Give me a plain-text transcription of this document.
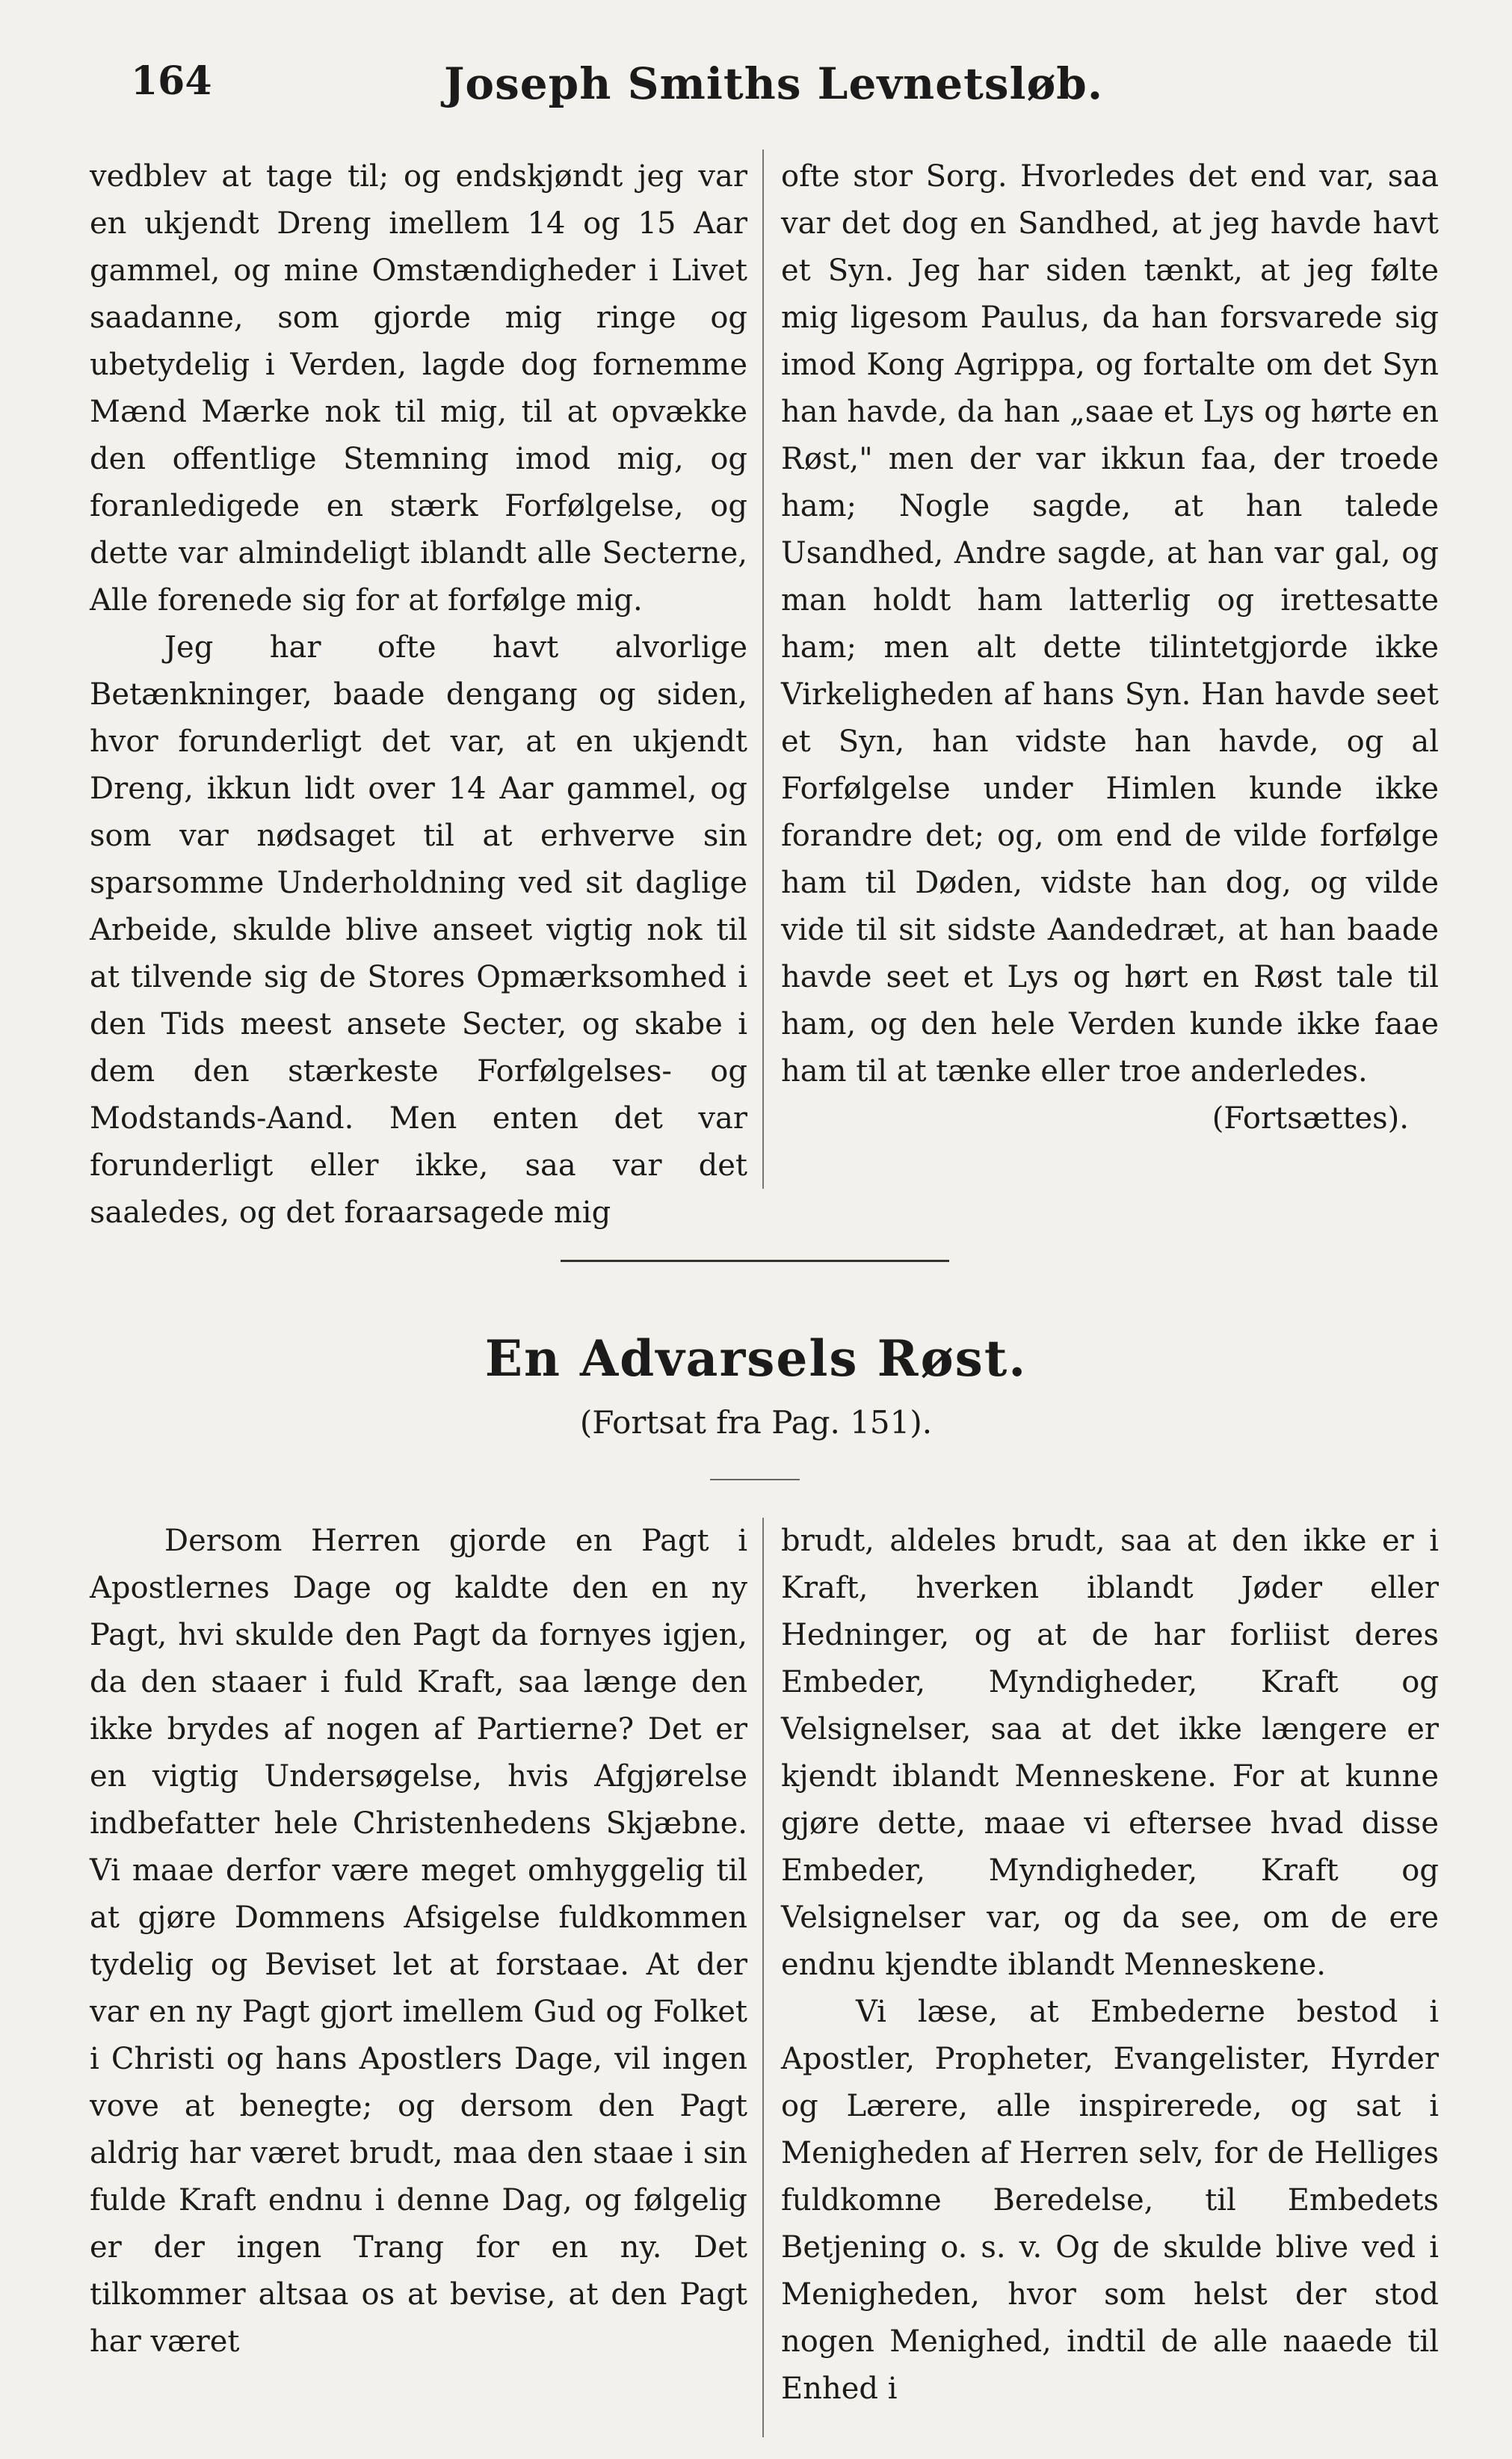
164	Joseph Smiths Levnetsløb.

vedblev at tage til; og endskjøndt jeg var en ukjendt Dreng imellem 14 og 15 Aar gammel, og mine Omstændigheder i Livet saadanne, som gjorde mig ringe og ubetydelig i Verden, lagde dog fornemme Mænd Mærke nok til mig, til at opvække den offentlige Stemning imod mig, og foranledigede en stærk Forfølgelse, og dette var almindeligt iblandt alle Secterne, Alle forenede sig for at forfølge mig.

Jeg har ofte havt alvorlige Betænkninger, baade dengang og siden, hvor forunderligt det var, at en ukjendt Dreng, ikkun lidt over 14 Aar gammel, og som var nødsaget til at erhverve sin sparsomme Underholdning ved sit daglige Arbeide, skulde blive anseet vigtig nok til at tilvende sig de Stores Opmærksomhed i den Tids meest ansete Secter, og skabe i dem den stærkeste Forfølgelses- og Modstands-Aand. Men enten det var forunderligt eller ikke, saa var det saaledes, og det foraarsagede mig

ofte stor Sorg. Hvorledes det end var, saa var det dog en Sandhed, at jeg havde havt et Syn. Jeg har siden tænkt, at jeg følte mig ligesom Paulus, da han forsvarede sig imod Kong Agrippa, og fortalte om det Syn han havde, da han „saae et Lys og hørte en Røst," men der var ikkun faa, der troede ham; Nogle sagde, at han talede Usandhed, Andre sagde, at han var gal, og man holdt ham latterlig og irettesatte ham; men alt dette tilintetgjorde ikke Virkeligheden af hans Syn. Han havde seet et Syn, han vidste han havde, og al Forfølgelse under Himlen kunde ikke forandre det; og, om end de vilde forfølge ham til Døden, vidste han dog, og vilde vide til sit sidste Aandedræt, at han baade havde seet et Lys og hørt en Røst tale til ham, og den hele Verden kunde ikke faae ham til at tænke eller troe anderledes.

(Fortsættes).

En Advarsels Røst.
(Fortsat fra Pag. 151).

Dersom Herren gjorde en Pagt i Apostlernes Dage og kaldte den en ny Pagt, hvi skulde den Pagt da fornyes igjen, da den staaer i fuld Kraft, saa længe den ikke brydes af nogen af Partierne? Det er en vigtig Undersøgelse, hvis Afgjørelse indbefatter hele Christenhedens Skjæbne. Vi maae derfor være meget omhyggelig til at gjøre Dommens Afsigelse fuldkommen tydelig og Beviset let at forstaae. At der var en ny Pagt gjort imellem Gud og Folket i Christi og hans Apostlers Dage, vil ingen vove at benegte; og dersom den Pagt aldrig har været brudt, maa den staae i sin fulde Kraft endnu i denne Dag, og følgelig er der ingen Trang for en ny. Det tilkommer altsaa os at bevise, at den Pagt har været

brudt, aldeles brudt, saa at den ikke er i Kraft, hverken iblandt Jøder eller Hedninger, og at de har forliist deres Embeder, Myndigheder, Kraft og Velsignelser, saa at det ikke længere er kjendt iblandt Menneskene. For at kunne gjøre dette, maae vi eftersee hvad disse Embeder, Myndigheder, Kraft og Velsignelser var, og da see, om de ere endnu kjendte iblandt Menneskene.

Vi læse, at Embederne bestod i Apostler, Propheter, Evangelister, Hyrder og Lærere, alle inspirerede, og sat i Menigheden af Herren selv, for de Helliges fuldkomne Beredelse, til Embedets Betjening o. s. v. Og de skulde blive ved i Menigheden, hvor som helst der stod nogen Menighed, indtil de alle naaede til Enhed i
